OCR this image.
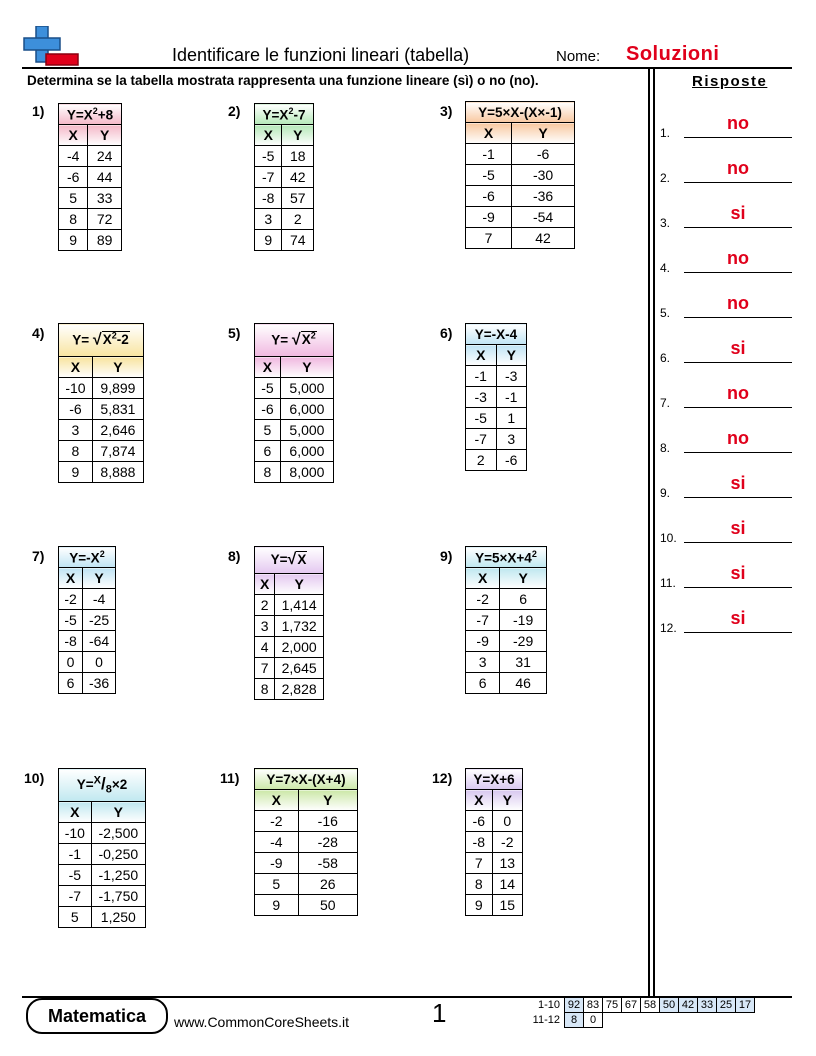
Identificare le funzioni lineari (tabella)	Nome: Soluzioni
Determina se la tabella mostrata rappresenta una funzione lineare (sì) o no (no).	Risposte
1.	no
2.	no
3.	si
4.	no
5.	no
6.	si
7.	no
8.	no
9.	si
10.	si
11.	si
12.	si
1)	2)	3)
4)	5)	6)
7)	8)	9)
10)	11)	12)
$Y=X^2+8$	
X	Y
-4	24
-6	44
5	33
8	72
9	89
$Y=X^2-7$	
X	Y
-5	18
-7	42
-8	57
3	2
9	74
Y=5×X-(X×-1)	
X	Y
-1	-6
-5	-30
-6	-36
-9	-54
7	42
$Y= √X^2-2$	
X	Y
-10	9,899
-6	5,831
3	2,646
8	7,874
9	8,888
$Y= √X^2$
X	Y
-5	5,000
-6	6,000
5	5,000
6	6,000
8	8,000
Y=-X-4	
X	Y
-1	-3
-3	-1
-5	1
-7	3
2	-6
$Y=-X^2$
X	Y
-2	-4
-5	-25
-8	-64
0	0
6	-36
Y=√X	
X	Y
2	1,414
3	1,732
4	2,000
7	2,645
8	2,828
$Y=5\times X+4^2$
X	Y
-2	6
-7	-19
-9	-29
3	31
6	46
$Y=^X/_8\times 2$	
X	Y
-10	-2,500
-1	-0,250
-5	-1,250
-7	-1,750
5	1,250
Y=7×X-(X+4)	
X	Y
-2	-16
-4	-28
-9	-58
5	26
9	50
Y=X+6	
X	Y
-6	0
-8	-2
7	13
8	14
9	15
Matematica	www.CommonCoreSheets.it	1	1-10	92	83	75	67	58	50	42	33	25	17
11-12	8	0								
